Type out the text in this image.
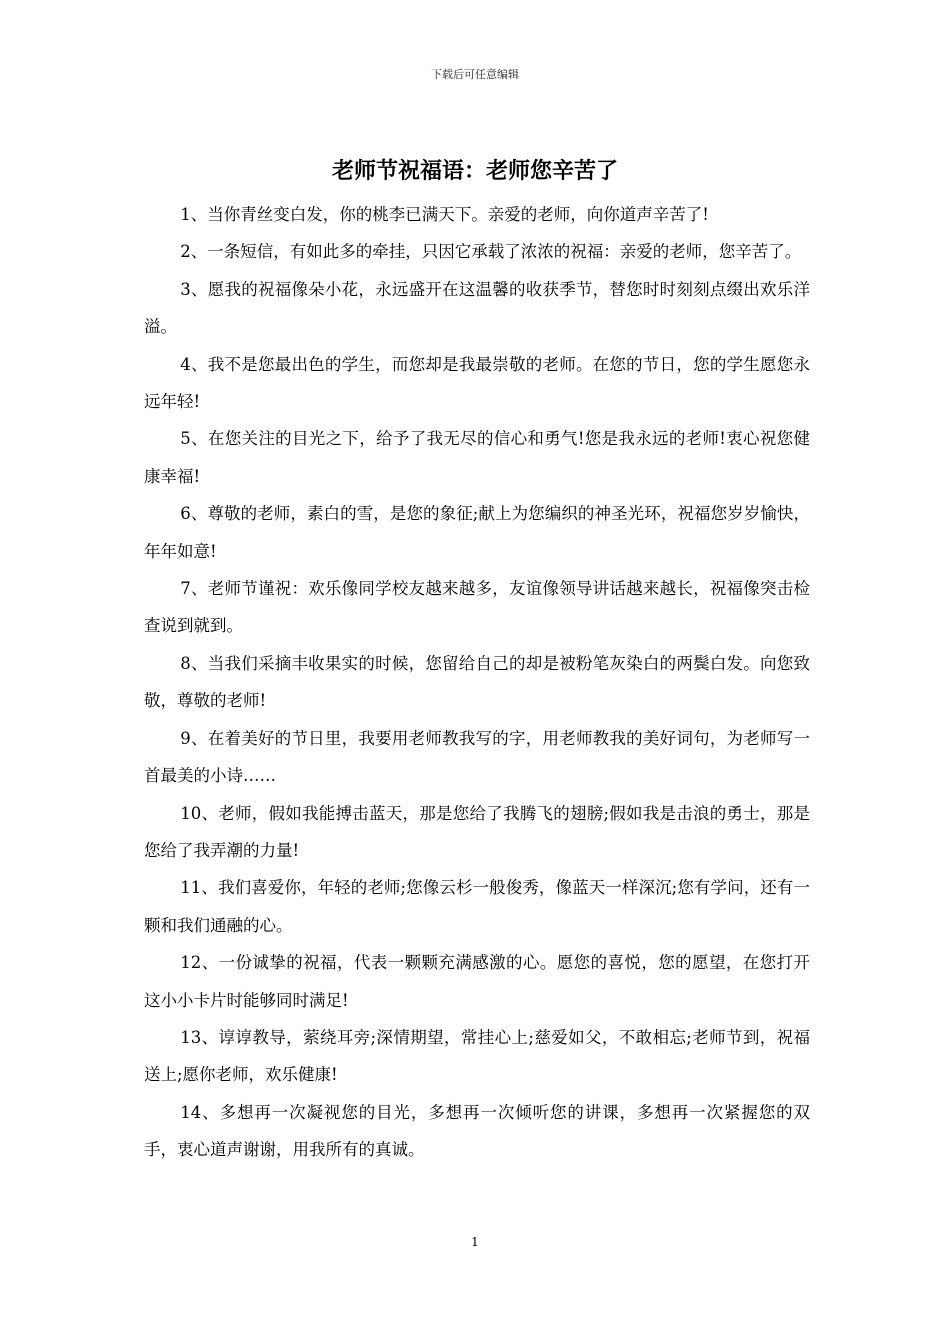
下载后可任意编辑
老师节祝福语：老师您辛苦了
1、当你青丝变白发，你的桃李已满天下。亲爱的老师，向你道声辛苦了!
2、一条短信，有如此多的牵挂，只因它承载了浓浓的祝福：亲爱的老师，您辛苦了。
3、愿我的祝福像朵小花，永远盛开在这温馨的收获季节，替您时时刻刻点缀出欢乐洋溢。
4、我不是您最出色的学生，而您却是我最崇敬的老师。在您的节日，您的学生愿您永远年轻!
5、在您关注的目光之下，给予了我无尽的信心和勇气!您是我永远的老师!衷心祝您健康幸福!
6、尊敬的老师，素白的雪，是您的象征;献上为您编织的神圣光环，祝福您岁岁愉快，年年如意!
7、老师节谨祝：欢乐像同学校友越来越多，友谊像领导讲话越来越长，祝福像突击检查说到就到。
8、当我们采摘丰收果实的时候，您留给自己的却是被粉笔灰染白的两鬓白发。向您致敬，尊敬的老师!
9、在着美好的节日里，我要用老师教我写的字，用老师教我的美好词句，为老师写一首最美的小诗……
10、老师，假如我能搏击蓝天，那是您给了我腾飞的翅膀;假如我是击浪的勇士，那是您给了我弄潮的力量!
11、我们喜爱你，年轻的老师;您像云杉一般俊秀，像蓝天一样深沉;您有学问，还有一颗和我们通融的心。
12、一份诚挚的祝福，代表一颗颗充满感激的心。愿您的喜悦，您的愿望，在您打开这小小卡片时能够同时满足!
13、谆谆教导，萦绕耳旁;深情期望，常挂心上;慈爱如父，不敢相忘;老师节到，祝福送上;愿你老师，欢乐健康!
14、多想再一次凝视您的目光，多想再一次倾听您的讲课，多想再一次紧握您的双手，衷心道声谢谢，用我所有的真诚。
1
